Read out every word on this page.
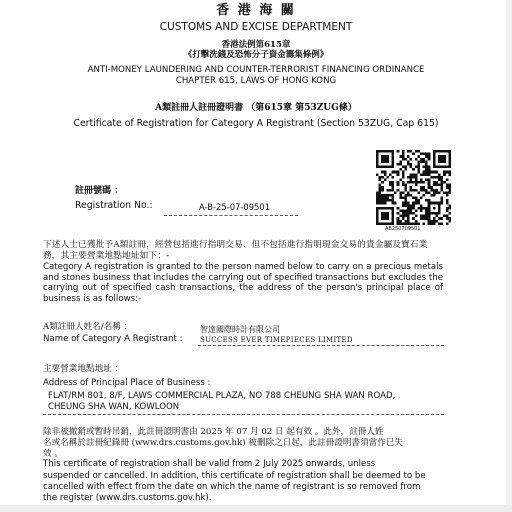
香 港 海 關
CUSTOMS AND EXCISE DEPARTMENT
香港法例第615章
《打擊洗錢及恐怖分子資金籌集條例》
ANTI-MONEY LAUNDERING AND COUNTER-TERRORIST FINANCING ORDINANCE
CHAPTER 615, LAWS OF HONG KONG
A類註冊人註冊證明書 （第615章 第53ZUG條）
Certificate of Registration for Category A Registrant (Section 53ZUG, Cap 615)
AB250709501
註冊號碼 ：
Registration No.:	A-B-25-07-09501
下述人士已獲批予A類註冊，經營包括進行指明交易、但不包括進行指明現金交易的貴金屬及寶石業務，其主要營業地點地址如下：-
Category A registration is granted to the person named below to carry on a precious metals and stones business that includes the carrying out of specified transactions but excludes the carrying out of specified cash transactions, the address of the person's principal place of business is as follows:-
A類註冊人姓名/名稱 ：
Name of Category A Registrant :
智達國際時計有限公司
SUCCESS EVER TIMEPIECES LIMITED
主要營業地點地址 ：
Address of Principal Place of Business :
FLAT/RM 801, 8/F, LAWS COMMERCIAL PLAZA, NO 788 CHEUNG SHA WAN ROAD,
CHEUNG SHA WAN, KOWLOON
除非被撤銷或暫時吊銷，此註冊證明書由 2025 年 07 月 02 日 起有效 。此外，註冊人姓
名或名稱於註冊紀錄冊 (www.drs.customs.gov.hk) 被刪除之日起，此註冊證明書須當作已失
效 。
This certificate of registration shall be valid from 2 July 2025 onwards, unless
suspended or cancelled. In addition, this certificate of registration shall be deemed to be
cancelled with effect from the date on which the name of registrant is so removed from
the register (www.drs.customs.gov.hk).
